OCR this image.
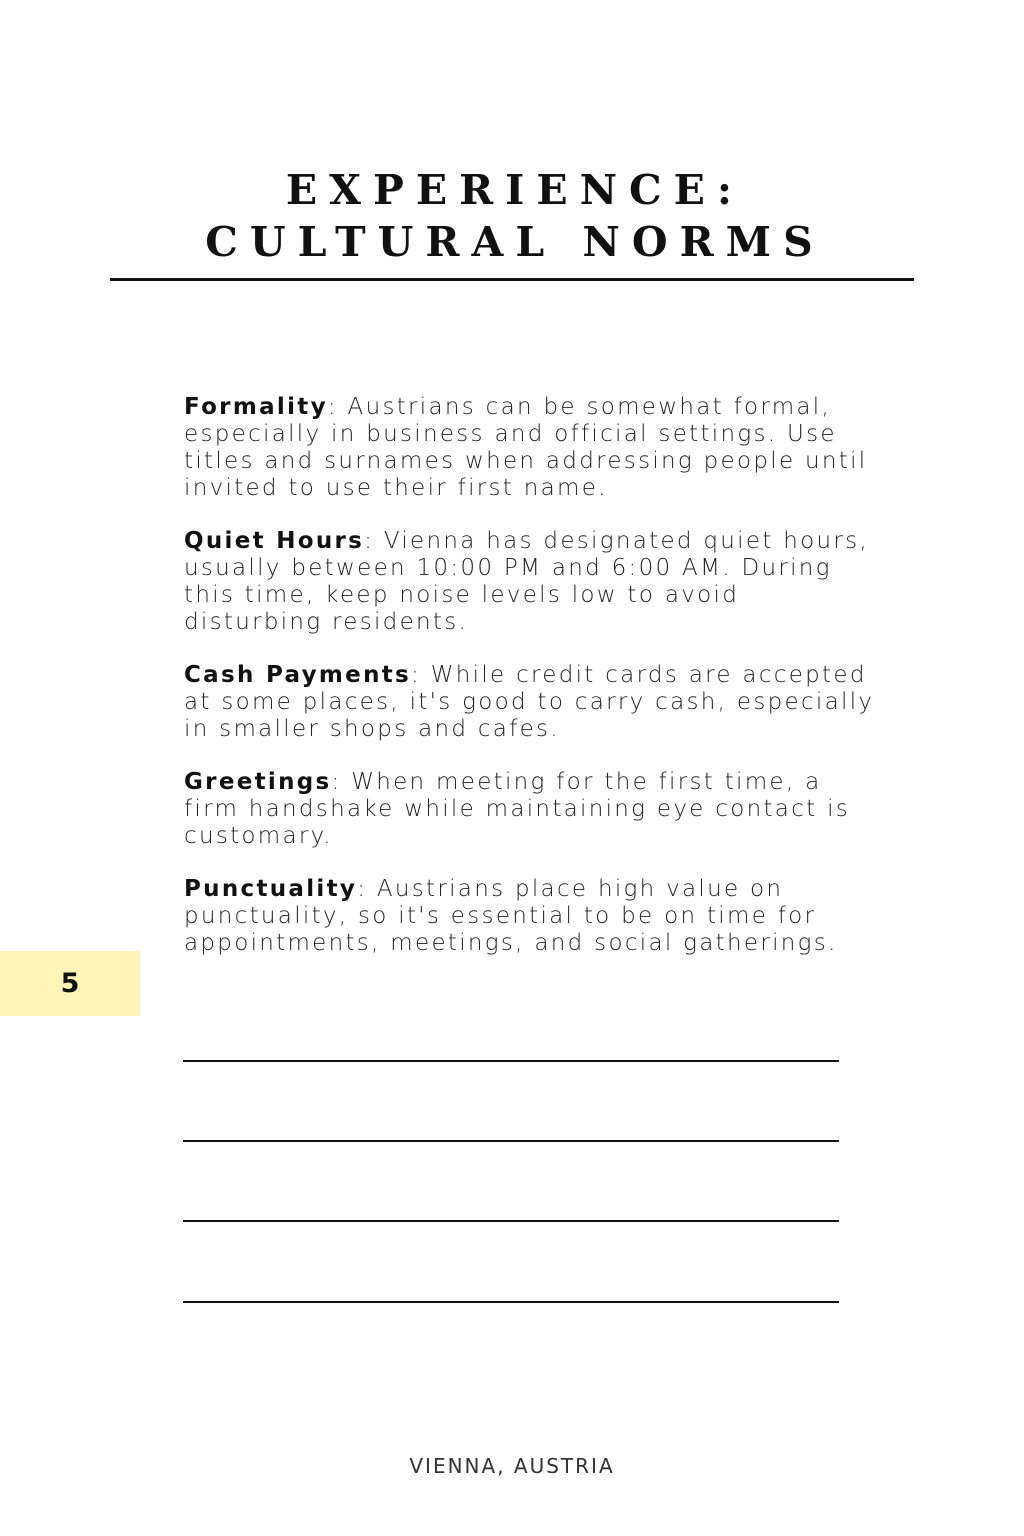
EXPERIENCE: CULTURAL NORMS

Formality: Austrians can be somewhat formal, especially in business and official settings. Use titles and surnames when addressing people until invited to use their first name.

Quiet Hours: Vienna has designated quiet hours, usually between 10:00 PM and 6:00 AM. During this time, keep noise levels low to avoid disturbing residents.

Cash Payments: While credit cards are accepted at some places, it's good to carry cash, especially in smaller shops and cafes.

Greetings: When meeting for the first time, a firm handshake while maintaining eye contact is customary.

Punctuality: Austrians place high value on punctuality, so it's essential to be on time for appointments, meetings, and social gatherings.

5
VIENNA, AUSTRIA
